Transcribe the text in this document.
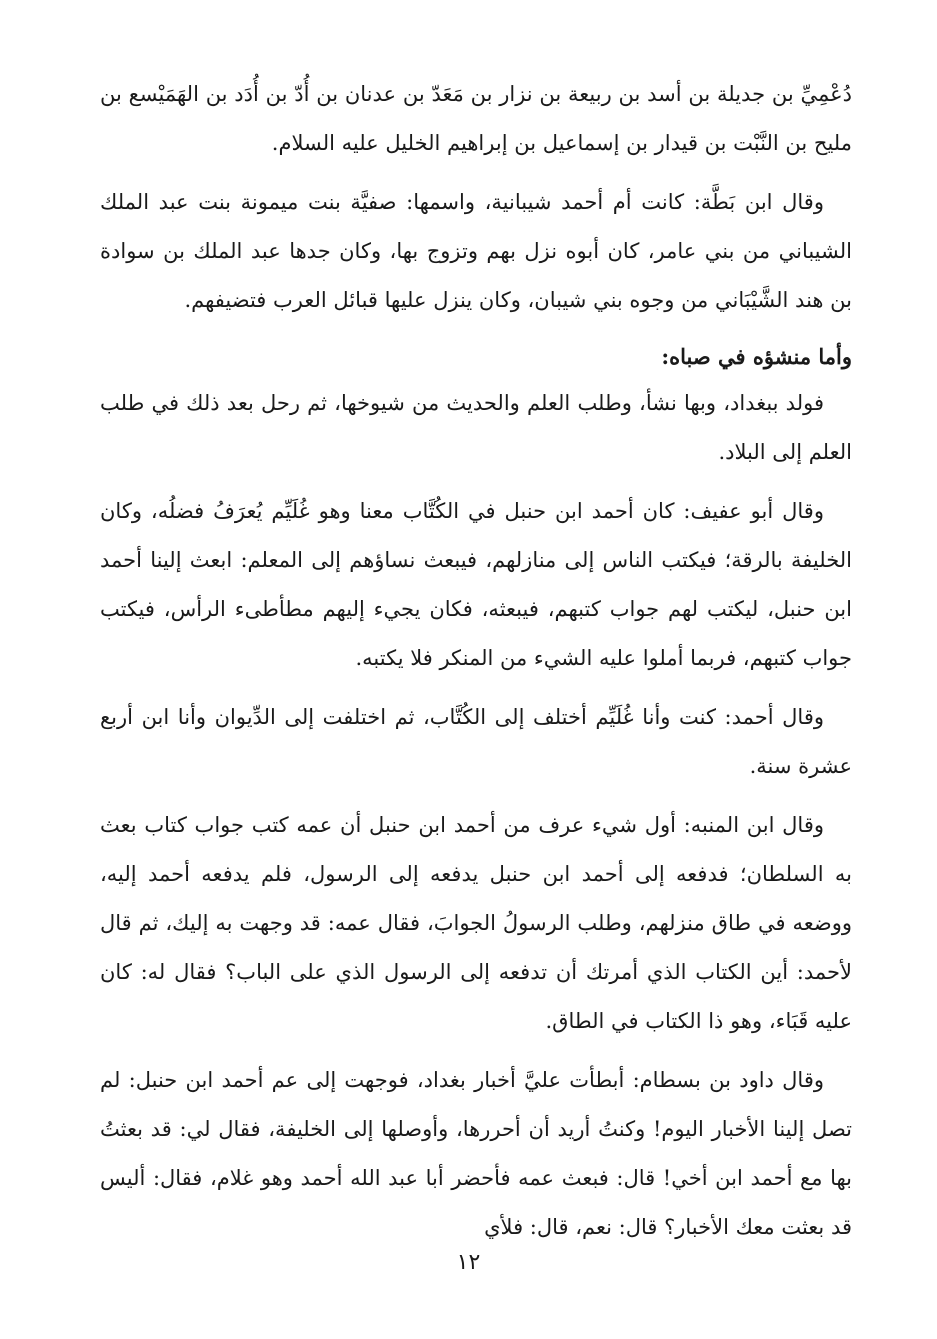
دُعْمِيِّ بن جديلة بن أسد بن ربيعة بن نزار بن مَعَدّ بن عدنان بن أُدّ بن أُدَد بن الهَمَيْسع بن مليح بن النَّبْت بن قيدار بن إسماعيل بن إبراهيم الخليل عليه السلام.

وقال ابن بَطَّة: كانت أم أحمد شيبانية، واسمها: صفيَّة بنت ميمونة بنت عبد الملك الشيباني من بني عامر، كان أبوه نزل بهم وتزوج بها، وكان جدها عبد الملك بن سوادة بن هند الشَّيْبَاني من وجوه بني شيبان، وكان ينزل عليها قبائل العرب فتضيفهم.

وأما منشؤه في صباه:

فولد ببغداد، وبها نشأ، وطلب العلم والحديث من شيوخها، ثم رحل بعد ذلك في طلب العلم إلى البلاد.

وقال أبو عفيف: كان أحمد ابن حنبل في الكُتَّاب معنا وهو غُلَيِّم يُعرَفُ فضلُه، وكان الخليفة بالرقة؛ فيكتب الناس إلى منازلهم، فيبعث نساؤهم إلى المعلم: ابعث إلينا أحمد ابن حنبل، ليكتب لهم جواب كتبهم، فيبعثه، فكان يجيء إليهم مطأطىء الرأس، فيكتب جواب كتبهم، فربما أملوا عليه الشيء من المنكر فلا يكتبه.

وقال أحمد: كنت وأنا غُلَيِّم أختلف إلى الكُتَّاب، ثم اختلفت إلى الدِّيوان وأنا ابن أربع عشرة سنة.

وقال ابن المنبه: أول شيء عرف من أحمد ابن حنبل أن عمه كتب جواب كتاب بعث به السلطان؛ فدفعه إلى أحمد ابن حنبل يدفعه إلى الرسول، فلم يدفعه أحمد إليه، ووضعه في طاق منزلهم، وطلب الرسولُ الجوابَ، فقال عمه: قد وجهت به إليك، ثم قال لأحمد: أين الكتاب الذي أمرتك أن تدفعه إلى الرسول الذي على الباب؟ فقال له: كان عليه قَبَاء، وهو ذا الكتاب في الطاق.

وقال داود بن بسطام: أبطأت عليَّ أخبار بغداد، فوجهت إلى عم أحمد ابن حنبل: لم تصل إلينا الأخبار اليوم! وكنتُ أريد أن أحررها، وأوصلها إلى الخليفة، فقال لي: قد بعثتُ بها مع أحمد ابن أخي! قال: فبعث عمه فأحضر أبا عبد الله أحمد وهو غلام، فقال: أليس قد بعثت معك الأخبار؟ قال: نعم، قال: فلأي

١٢
